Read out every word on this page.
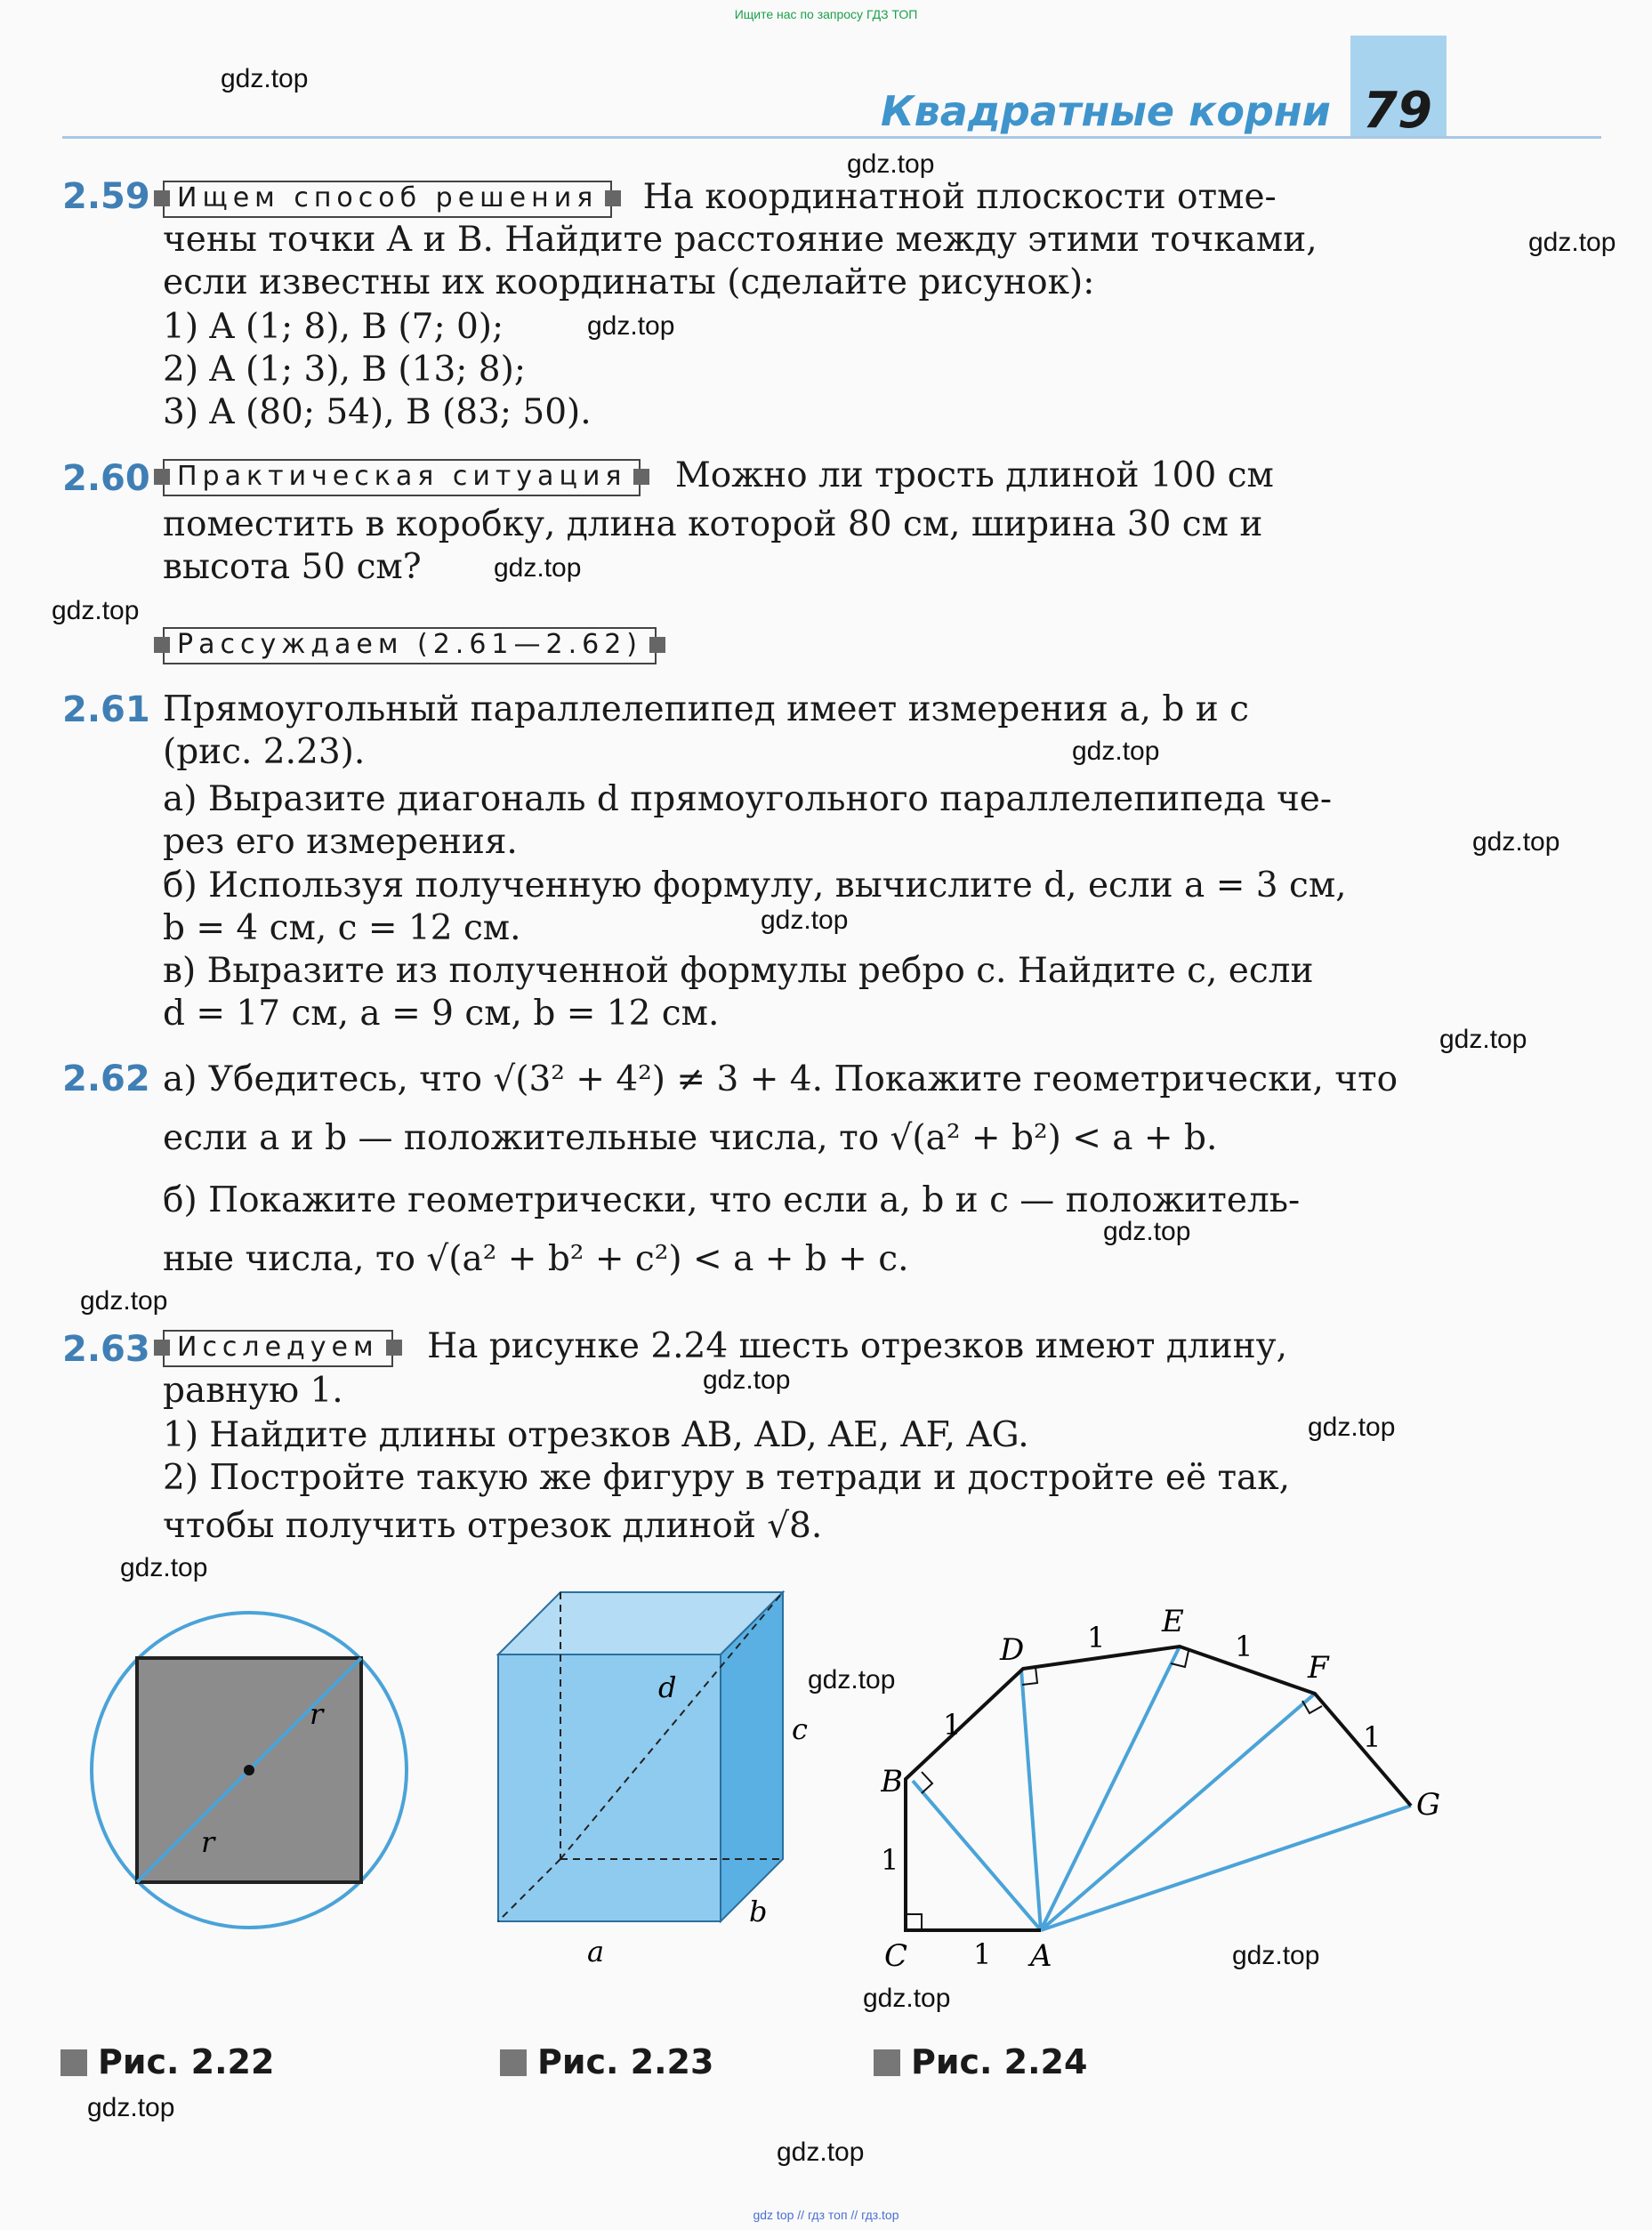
Ищите нас по запросу ГДЗ ТОП
gdz top // гдз топ // гдз.top
Квадратные корни 79
gdz.top
gdz.top
gdz.top
gdz.top
gdz.top
gdz.top
gdz.top
gdz.top
gdz.top
gdz.top
gdz.top
gdz.top
gdz.top
gdz.top
gdz.top
gdz.top
gdz.top
gdz.top
gdz.top
gdz.top
2.59	Ищем способ решения На координатной плоскости отме-
чены точки A и B. Найдите расстояние между этими точками,
если известны их координаты (сделайте рисунок):
1) A (1; 8), B (7; 0);
2) A (1; 3), B (13; 8);
3) A (80; 54), B (83; 50).
2.60	Практическая ситуация Можно ли трость длиной 100 см
поместить в коробку, длина которой 80 см, ширина 30 см и
высота 50 см?
Рассуждаем (2.61—2.62)
2.61 Прямоугольный параллелепипед имеет измерения a, b и c
(рис. 2.23).
а) Выразите диагональ d прямоугольного параллелепипеда че-
рез его измерения.
б) Используя полученную формулу, вычислите d, если a = 3 см,
b = 4 см, c = 12 см.
в) Выразите из полученной формулы ребро c. Найдите c, если
d = 17 см, a = 9 см, b = 12 см.
2.62 а) Убедитесь, что √(3² + 4²) ≠ 3 + 4. Покажите геометрически, что
если a и b — положительные числа, то √(a² + b²) < a + b.
б) Покажите геометрически, что если a, b и c — положитель-
ные числа, то √(a² + b² + c²) < a + b + c.
2.63	Исследуем На рисунке 2.24 шесть отрезков имеют длину,
равную 1.
1) Найдите длины отрезков AB, AD, AE, AF, AG.
2) Постройте такую же фигуру в тетради и достройте её так,
чтобы получить отрезок длиной √8.
r
r
c
d
b
a	A
B
C
D
E
F
G
1
1
1
1	1
1
Рис. 2.22	Рис. 2.23	Рис. 2.24
